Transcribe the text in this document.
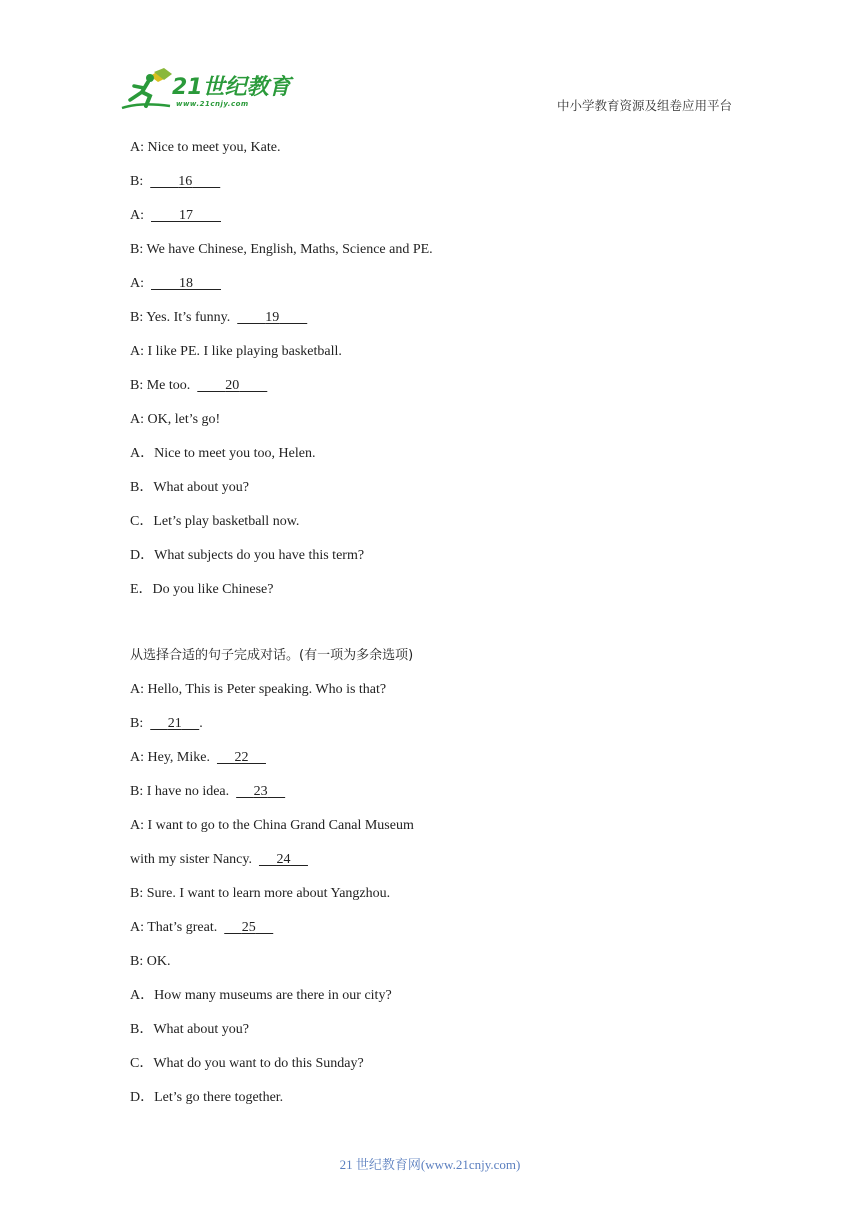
21世纪教育
www.21cnjy.com	中小学教育资源及组卷应用平台
A: Nice to meet you, Kate.
B:	16
A:	17
B: We have Chinese, English, Maths, Science and PE.
A:	18
B: Yes. It’s funny.	19
A: I like PE. I like playing basketball.
B: Me too.	20
A: OK, let’s go!
A．Nice to meet you too, Helen.
B．What about you?
C．Let’s play basketball now.
D．What subjects do you have this term?
E．Do you like Chinese?
从选择合适的句子完成对话。(有一项为多余选项)
A: Hello, This is Peter speaking. Who is that?
B: 21 .
A: Hey, Mike. 22
B: I have no idea. 23
A: I want to go to the China Grand Canal Museum
with my sister Nancy. 24
B: Sure. I want to learn more about Yangzhou.
A: That’s great. 25
B: OK.
A．How many museums are there in our city?
B．What about you?
C．What do you want to do this Sunday?
D．Let’s go there together.
21 世纪教育网(www.21cnjy.com)
